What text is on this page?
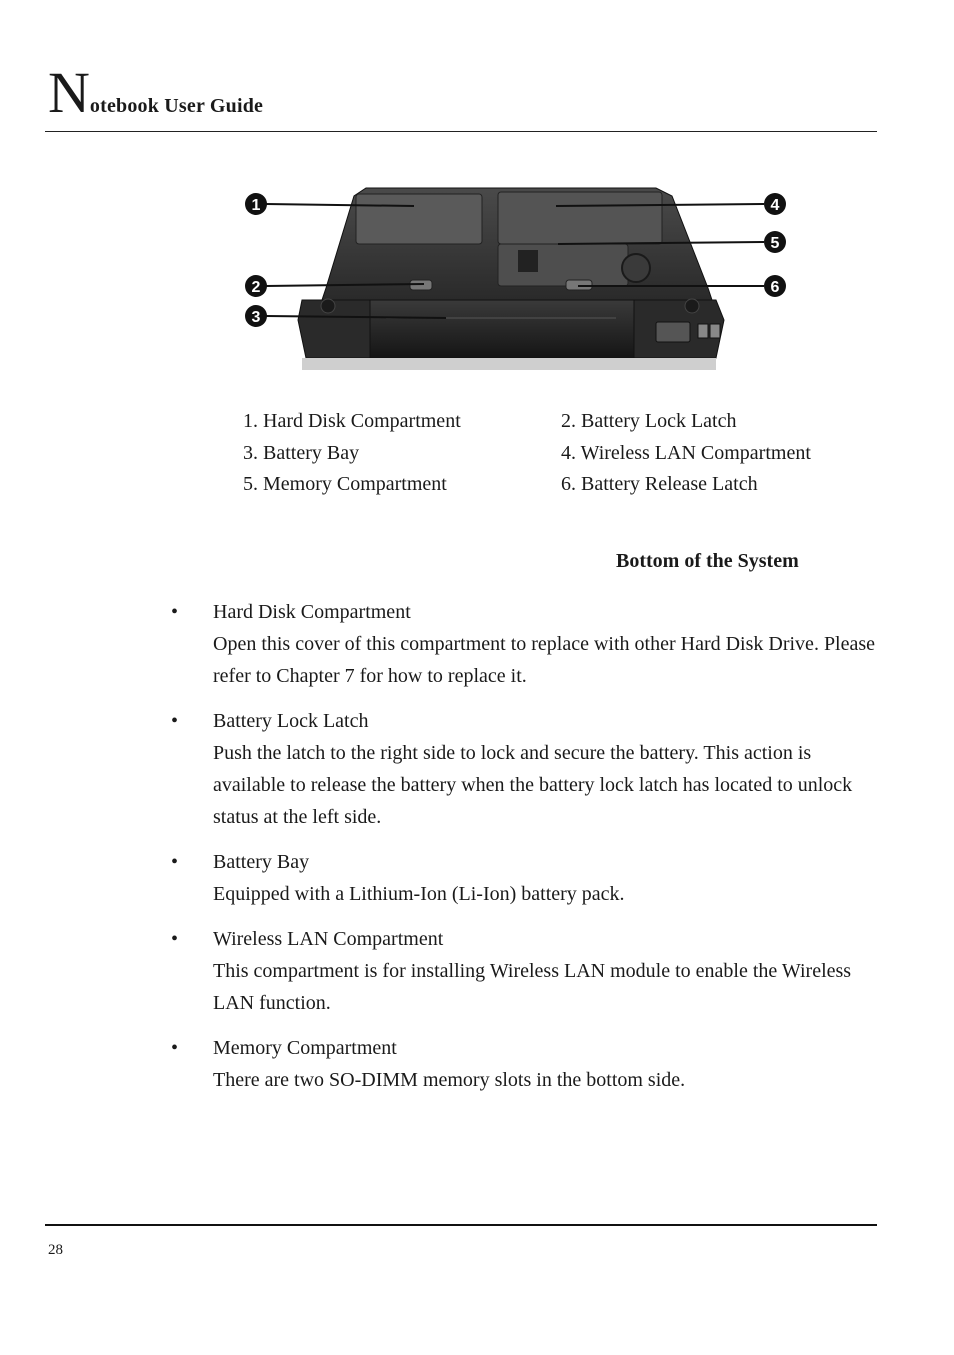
Notebook User Guide
1
2
3
4
5
6
1. Hard Disk Compartment	2. Battery Lock Latch
3. Battery Bay	4. Wireless LAN Compartment
5. Memory Compartment	6. Battery Release Latch
Bottom of the System
• Hard Disk Compartment
Open this cover of this compartment to replace with other Hard Disk Drive. Please refer to Chapter 7 for how to replace it.
• Battery Lock Latch
Push the latch to the right side to lock and secure the battery. This action is available to release the battery when the battery lock latch has located to unlock status at the left side.
• Battery Bay
Equipped with a Lithium-Ion (Li-Ion) battery pack.
• Wireless LAN Compartment
This compartment is for installing Wireless LAN module to enable the Wireless LAN function.
• Memory Compartment
There are two SO-DIMM memory slots in the bottom side.
28
